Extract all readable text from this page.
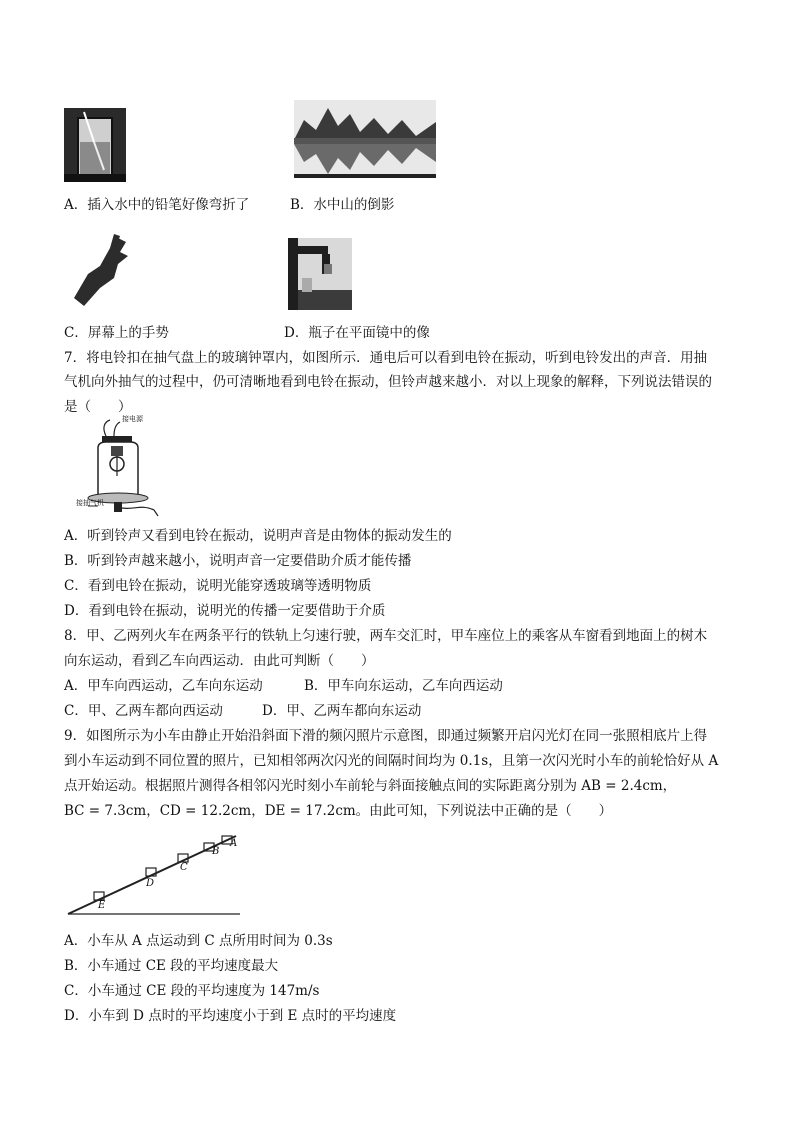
A．插入水中的铅笔好像弯折了	B．水中山的倒影
C．屏幕上的手势	D．瓶子在平面镜中的像
7．将电铃扣在抽气盘上的玻璃钟罩内，如图所示．通电后可以看到电铃在振动，听到电铃发出的声音．用抽
气机向外抽气的过程中，仍可清晰地看到电铃在振动，但铃声越来越小．对以上现象的解释，下列说法错误的
是（　　）
接电源
接抽气机
A．听到铃声又看到电铃在振动，说明声音是由物体的振动发生的
B．听到铃声越来越小，说明声音一定要借助介质才能传播
C．看到电铃在振动，说明光能穿透玻璃等透明物质
D．看到电铃在振动，说明光的传播一定要借助于介质
8．甲、乙两列火车在两条平行的铁轨上匀速行驶，两车交汇时，甲车座位上的乘客从车窗看到地面上的树木
向东运动，看到乙车向西运动．由此可判断（　　）
A．甲车向西运动，乙车向东运动	B．甲车向东运动，乙车向西运动
C．甲、乙两车都向西运动	D．甲、乙两车都向东运动
9．如图所示为小车由静止开始沿斜面下滑的频闪照片示意图，即通过频繁开启闪光灯在同一张照相底片上得
到小车运动到不同位置的照片，已知相邻两次闪光的间隔时间均为 0.1s，且第一次闪光时小车的前轮恰好从 A
点开始运动。根据照片测得各相邻闪光时刻小车前轮与斜面接触点间的实际距离分别为 AB = 2.4cm，
BC = 7.3cm，CD = 12.2cm，DE = 17.2cm。由此可知，下列说法中正确的是（　　）
A
B
C
D
E
A．小车从 A 点运动到 C 点所用时间为 0.3s
B．小车通过 CE 段的平均速度最大
C．小车通过 CE 段的平均速度为 147m/s
D．小车到 D 点时的平均速度小于到 E 点时的平均速度
